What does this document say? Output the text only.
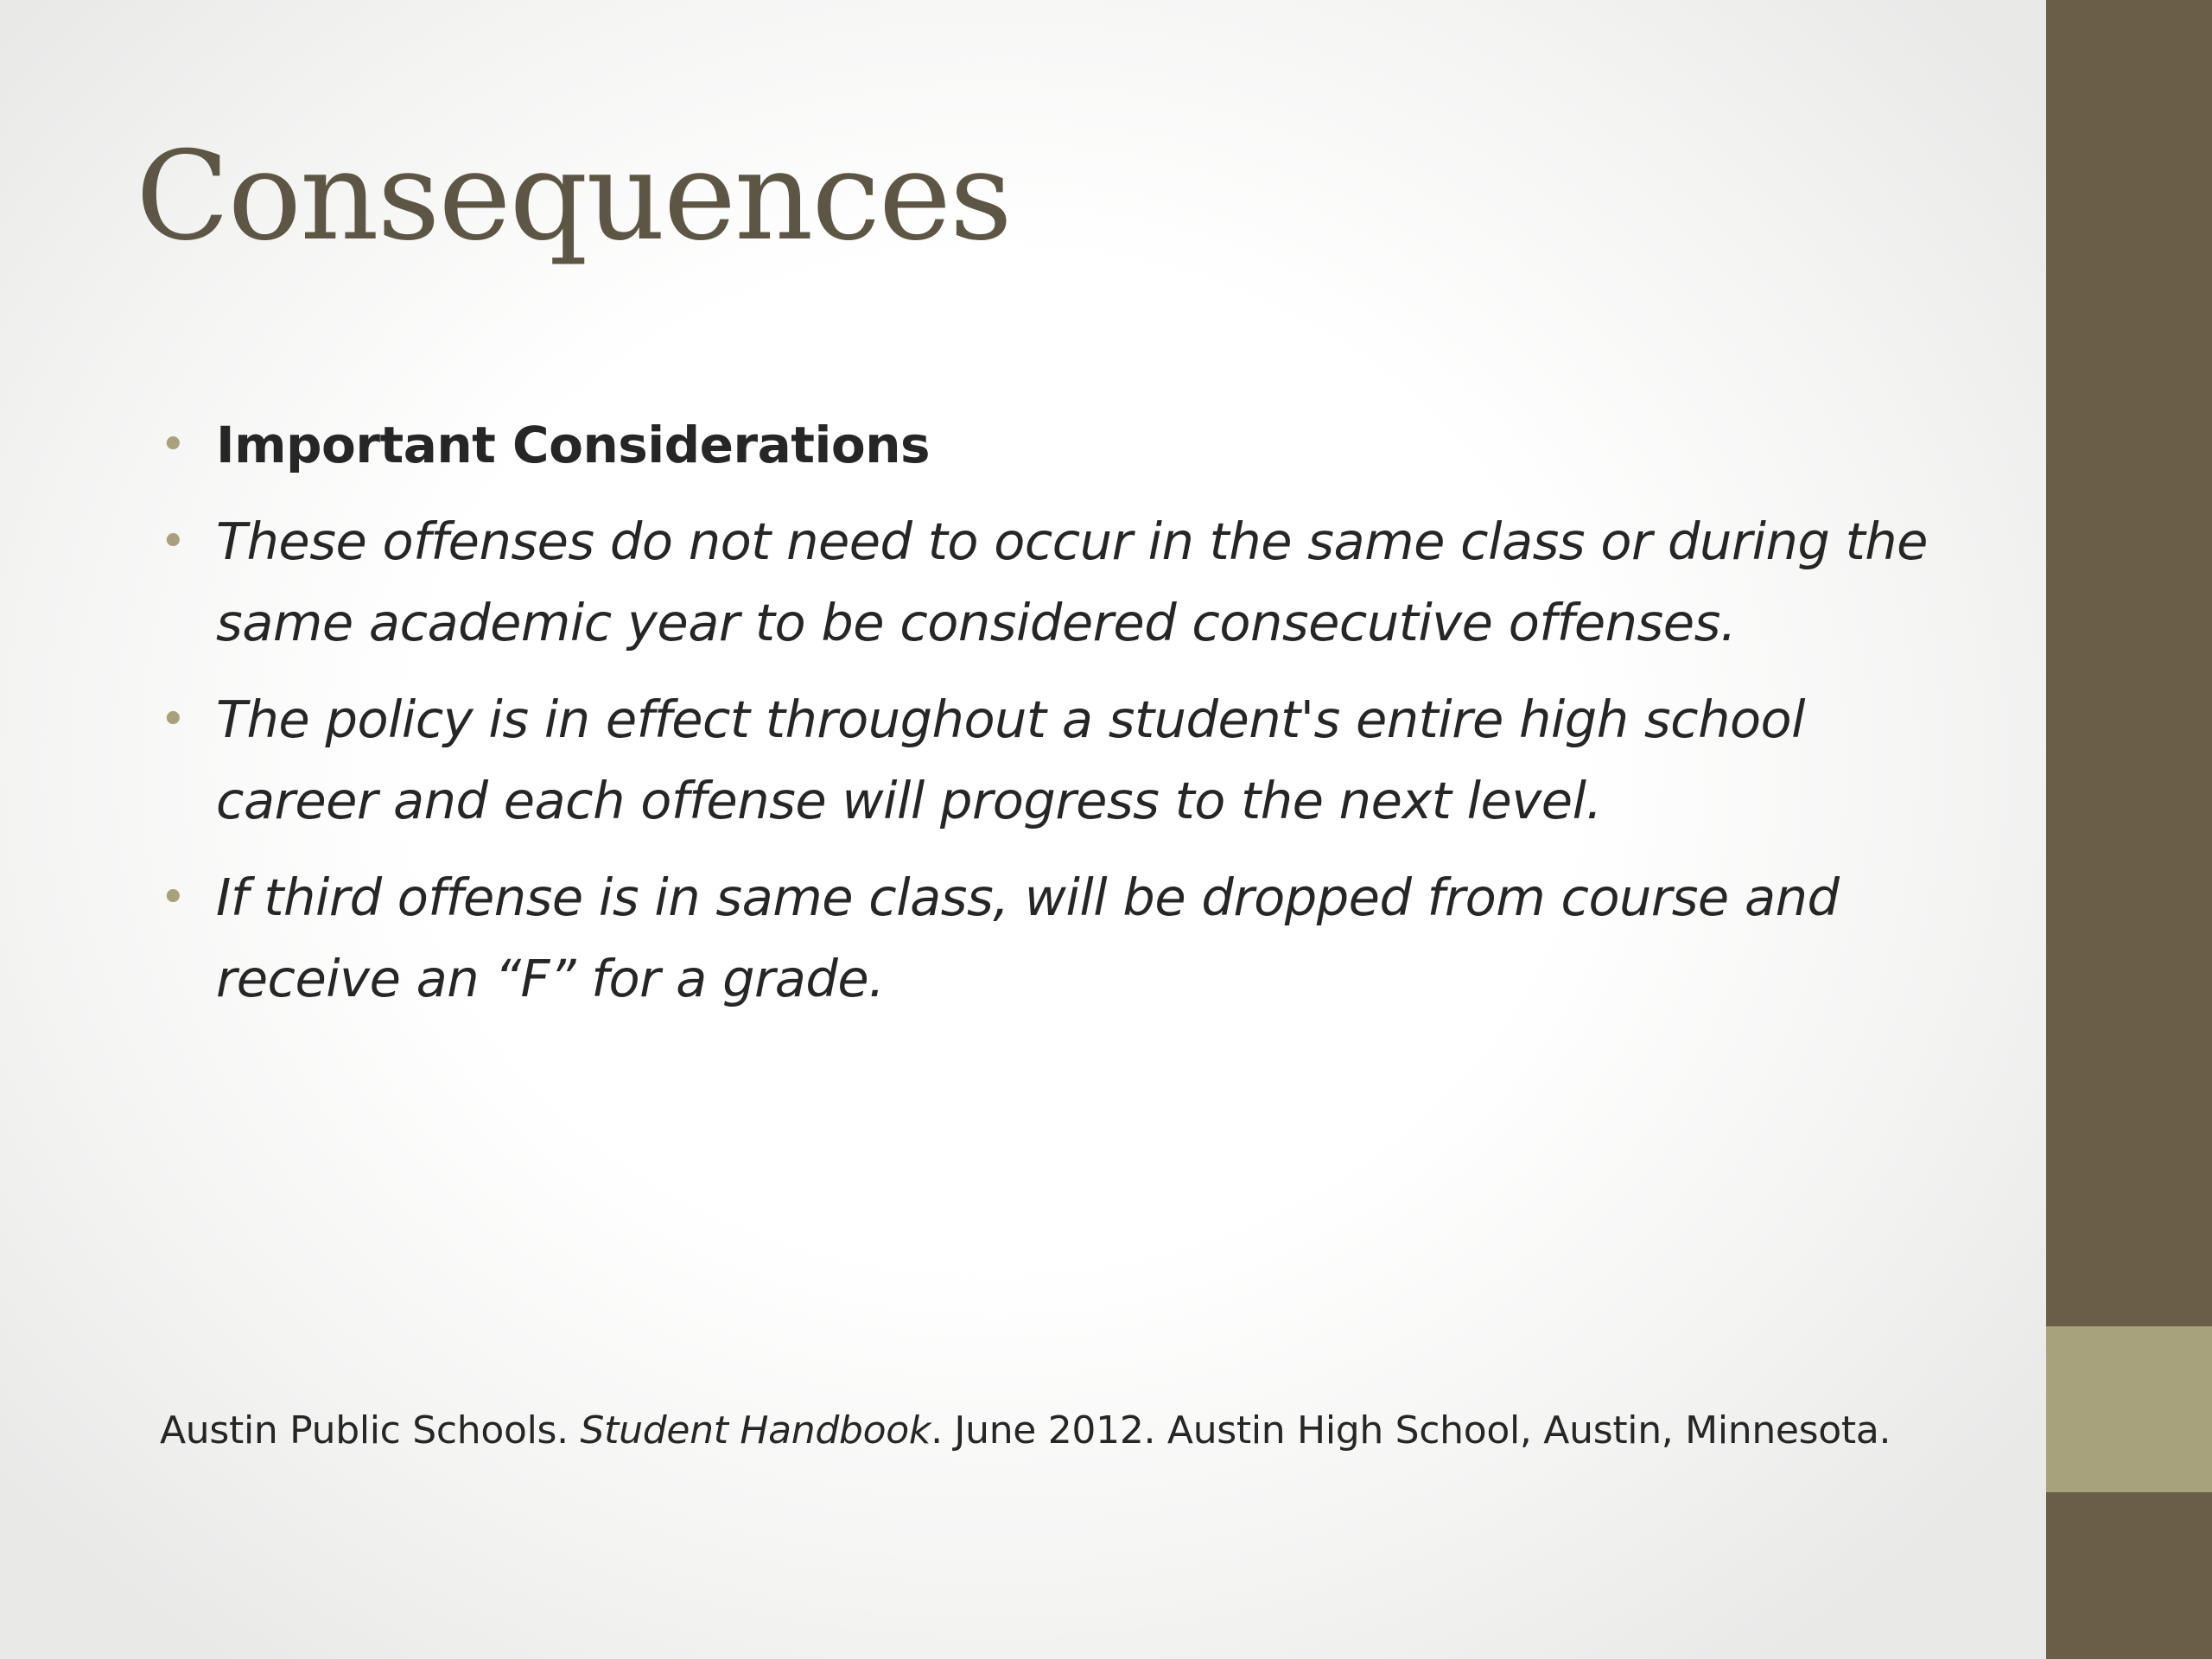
Consequences
• Important Considerations
• These offenses do not need to occur in the same class or during the same academic year to be considered consecutive offenses.
• The policy is in effect throughout a student's entire high school career and each offense will progress to the next level.
• If third offense is in same class, will be dropped from course and receive an “F” for a grade.
Austin Public Schools. Student Handbook. June 2012. Austin High School, Austin, Minnesota.
